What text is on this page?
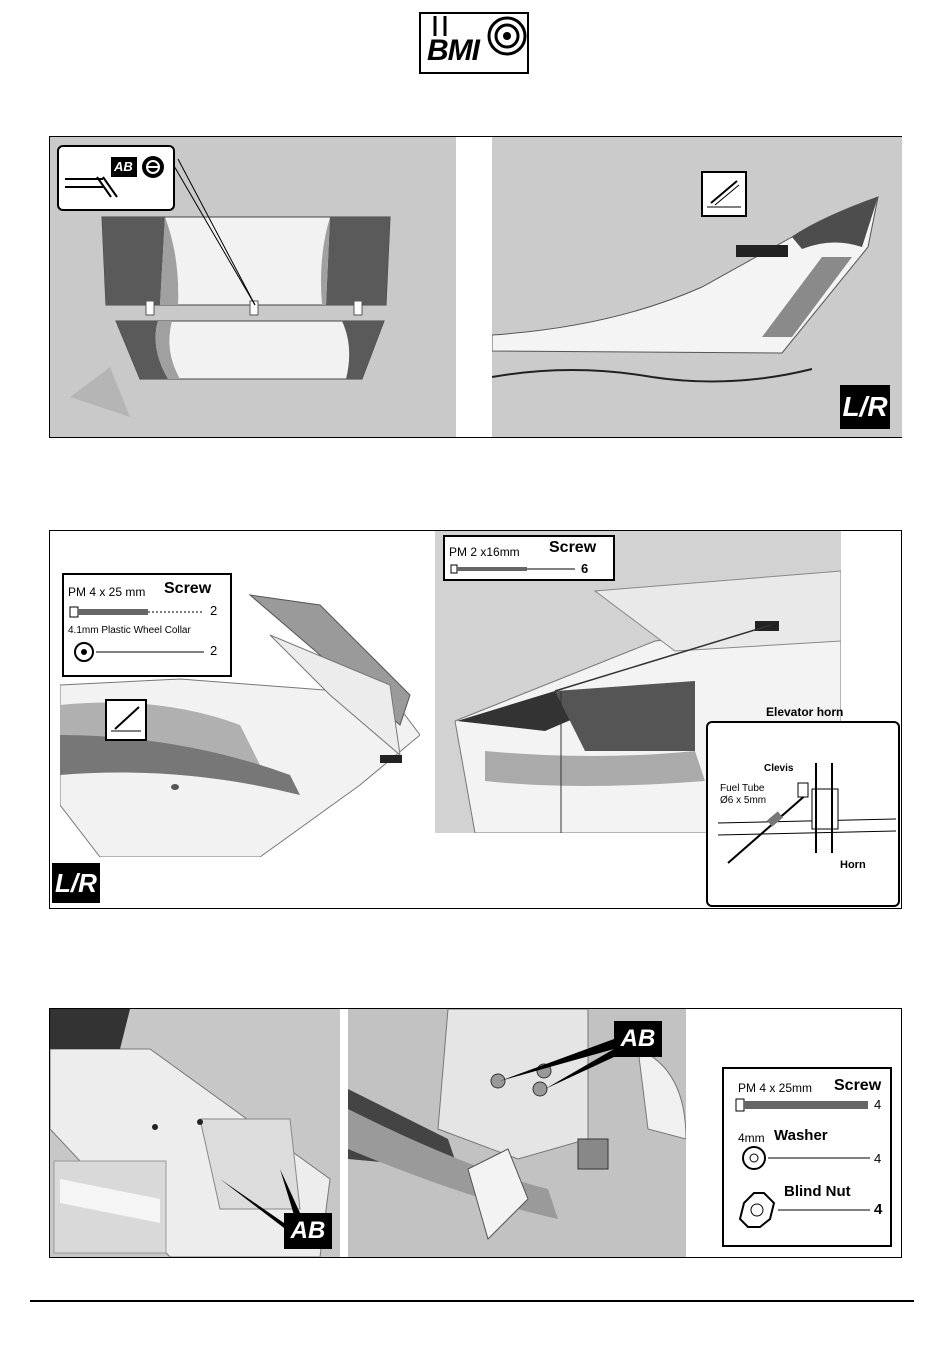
BMI
AB
L/R
PM 4 x 25 mm Screw
2
4.1mm Plastic Wheel Collar
2
L/R
PM 2 x16mm Screw
6
Elevator horn
Clevis
Fuel Tube
Ø6 x 5mm
Horn
AB
AB
PM 4 x 25mm Screw
4
4mm Washer
4
Blind Nut
4
